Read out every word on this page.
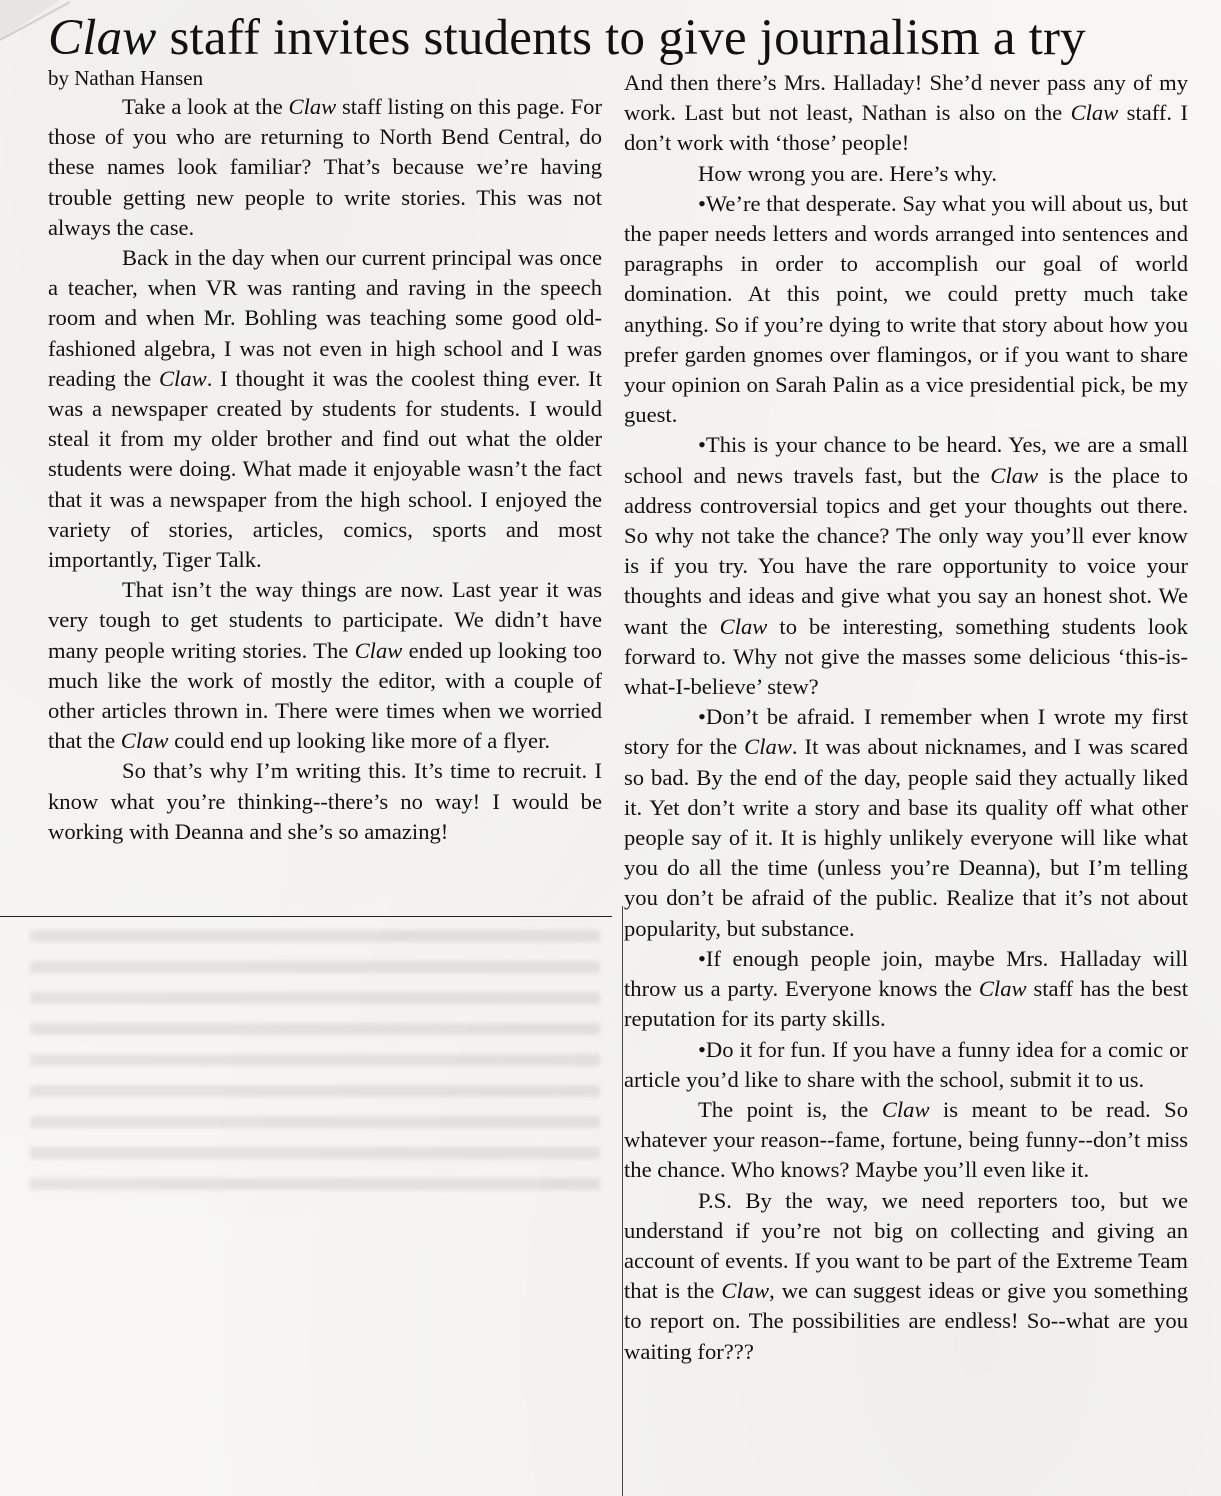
Claw staff invites students to give journalism a try

by Nathan Hansen

Take a look at the Claw staff listing on this page. For those of you who are returning to North Bend Central, do these names look familiar? That’s because we’re having trouble getting new people to write stories. This was not always the case.

Back in the day when our current principal was once a teacher, when VR was ranting and raving in the speech room and when Mr. Bohling was teaching some good old-fashioned algebra, I was not even in high school and I was reading the Claw. I thought it was the coolest thing ever. It was a newspaper created by students for students. I would steal it from my older brother and find out what the older students were doing. What made it enjoyable wasn’t the fact that it was a newspaper from the high school. I enjoyed the variety of stories, articles, comics, sports and most importantly, Tiger Talk.

That isn’t the way things are now. Last year it was very tough to get students to participate. We didn’t have many people writing stories. The Claw ended up looking too much like the work of mostly the editor, with a couple of other articles thrown in. There were times when we worried that the Claw could end up looking like more of a flyer.

So that’s why I’m writing this. It’s time to recruit. I know what you’re thinking--there’s no way! I would be working with Deanna and she’s so amazing!

And then there’s Mrs. Halladay! She’d never pass any of my work. Last but not least, Nathan is also on the Claw staff. I don’t work with ‘those’ people!

How wrong you are. Here’s why.

•We’re that desperate. Say what you will about us, but the paper needs letters and words arranged into sentences and paragraphs in order to accomplish our goal of world domination. At this point, we could pretty much take anything. So if you’re dying to write that story about how you prefer garden gnomes over flamingos, or if you want to share your opinion on Sarah Palin as a vice presidential pick, be my guest.

•This is your chance to be heard. Yes, we are a small school and news travels fast, but the Claw is the place to address controversial topics and get your thoughts out there. So why not take the chance? The only way you’ll ever know is if you try. You have the rare opportunity to voice your thoughts and ideas and give what you say an honest shot. We want the Claw to be interesting, something students look forward to. Why not give the masses some delicious ‘this-is-what-I-believe’ stew?

•Don’t be afraid. I remember when I wrote my first story for the Claw. It was about nicknames, and I was scared so bad. By the end of the day, people said they actually liked it. Yet don’t write a story and base its quality off what other people say of it. It is highly unlikely everyone will like what you do all the time (unless you’re Deanna), but I’m telling you don’t be afraid of the public. Realize that it’s not about popularity, but substance.

•If enough people join, maybe Mrs. Halladay will throw us a party. Everyone knows the Claw staff has the best reputation for its party skills.

•Do it for fun. If you have a funny idea for a comic or article you’d like to share with the school, submit it to us.

The point is, the Claw is meant to be read. So whatever your reason--fame, fortune, being funny--don’t miss the chance. Who knows? Maybe you’ll even like it.

P.S. By the way, we need reporters too, but we understand if you’re not big on collecting and giving an account of events. If you want to be part of the Extreme Team that is the Claw, we can suggest ideas or give you something to report on. The possibilities are endless! So--what are you waiting for???
